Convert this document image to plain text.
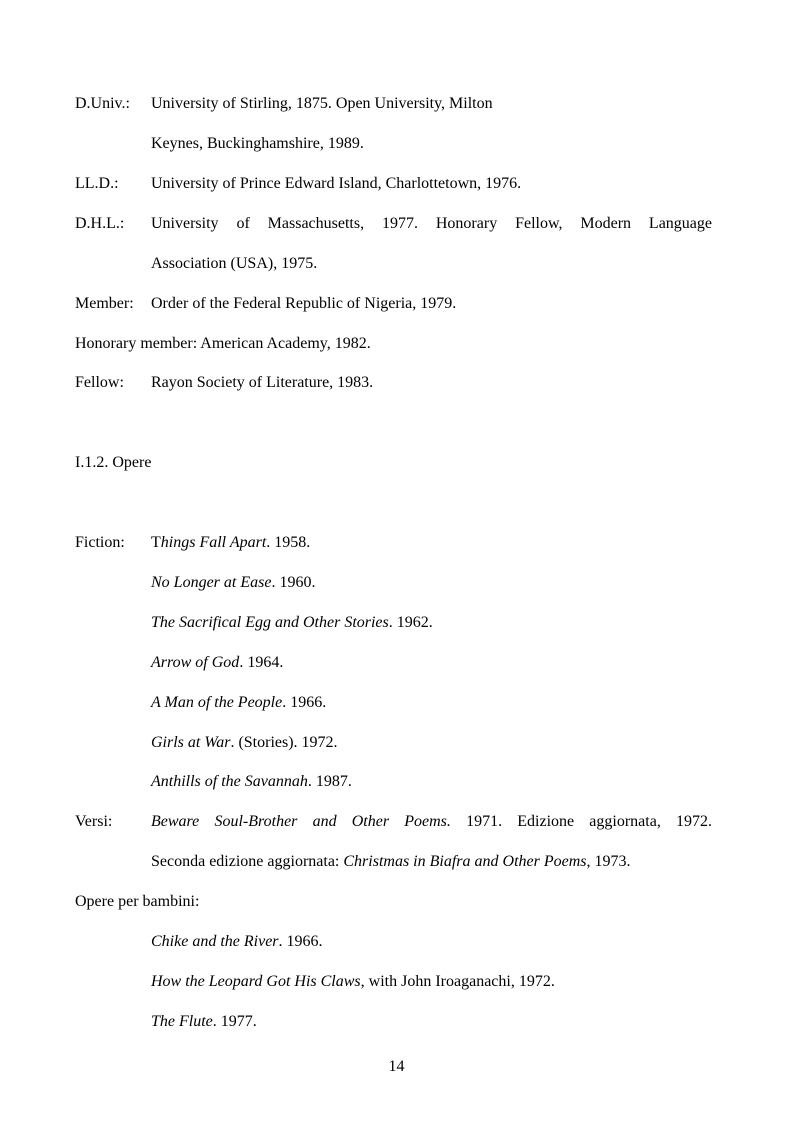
D.Univ.: University of Stirling, 1875. Open University, Milton
Keynes, Buckinghamshire, 1989.
LL.D.: University of Prince Edward Island, Charlottetown, 1976.
D.H.L.: University of Massachusetts, 1977. Honorary Fellow, Modern Language
Association (USA), 1975.
Member: Order of the Federal Republic of Nigeria, 1979.
Honorary member: American Academy, 1982.
Fellow: Rayon Society of Literature, 1983.
I.1.2. Opere
Fiction: Things Fall Apart. 1958.
No Longer at Ease. 1960.
The Sacrifical Egg and Other Stories. 1962.
Arrow of God. 1964.
A Man of the People. 1966.
Girls at War. (Stories). 1972.
Anthills of the Savannah. 1987.
Versi: Beware Soul-Brother and Other Poems. 1971. Edizione aggiornata, 1972.
Seconda edizione aggiornata: Christmas in Biafra and Other Poems, 1973.
Opere per bambini:
Chike and the River. 1966.
How the Leopard Got His Claws, with John Iroaganachi, 1972.
The Flute. 1977.
14
